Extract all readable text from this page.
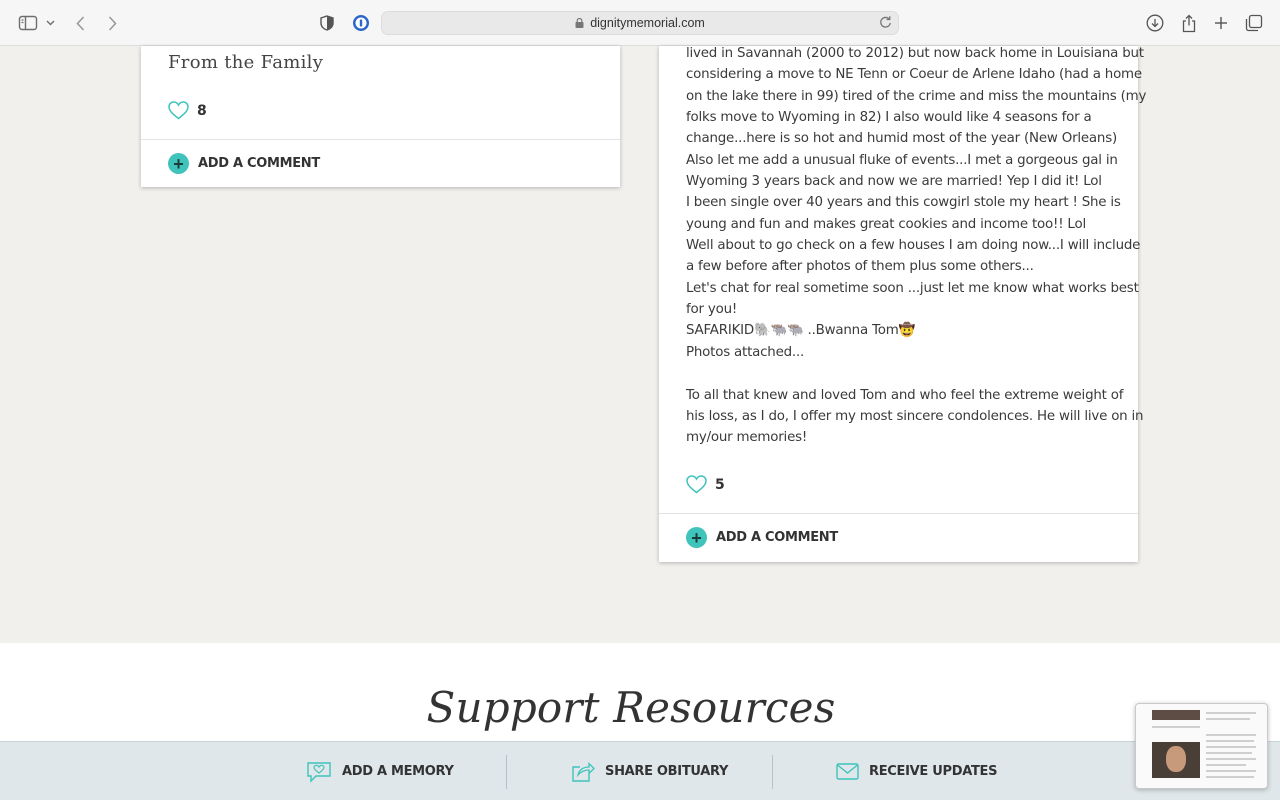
dignitymemorial.com
From the Family
8
+	ADD A COMMENT

lived in Savannah (2000 to 2012) but now back home in Louisiana but

considering a move to NE Tenn or Coeur de Arlene Idaho (had a home

on the lake there in 99) tired of the crime and miss the mountains (my

folks move to Wyoming in 82) I also would like 4 seasons for a

change...here is so hot and humid most of the year (New Orleans)

Also let me add a unusual fluke of events...I met a gorgeous gal in

Wyoming 3 years back and now we are married! Yep I did it! Lol

I been single over 40 years and this cowgirl stole my heart ! She is

young and fun and makes great cookies and income too!! Lol

Well about to go check on a few houses I am doing now...I will include

a few before after photos of them plus some others...

Let's chat for real sometime soon ...just let me know what works best

for you!

SAFARIKID🐘🐃🐃 ..Bwanna Tom🤠

Photos attached...

To all that knew and loved Tom and who feel the extreme weight of

his loss, as I do, I offer my most sincere condolences. He will live on in

my/our memories!

5
+	ADD A COMMENT
Support Resources
ADD A MEMORY	SHARE OBITUARY	RECEIVE UPDATES
